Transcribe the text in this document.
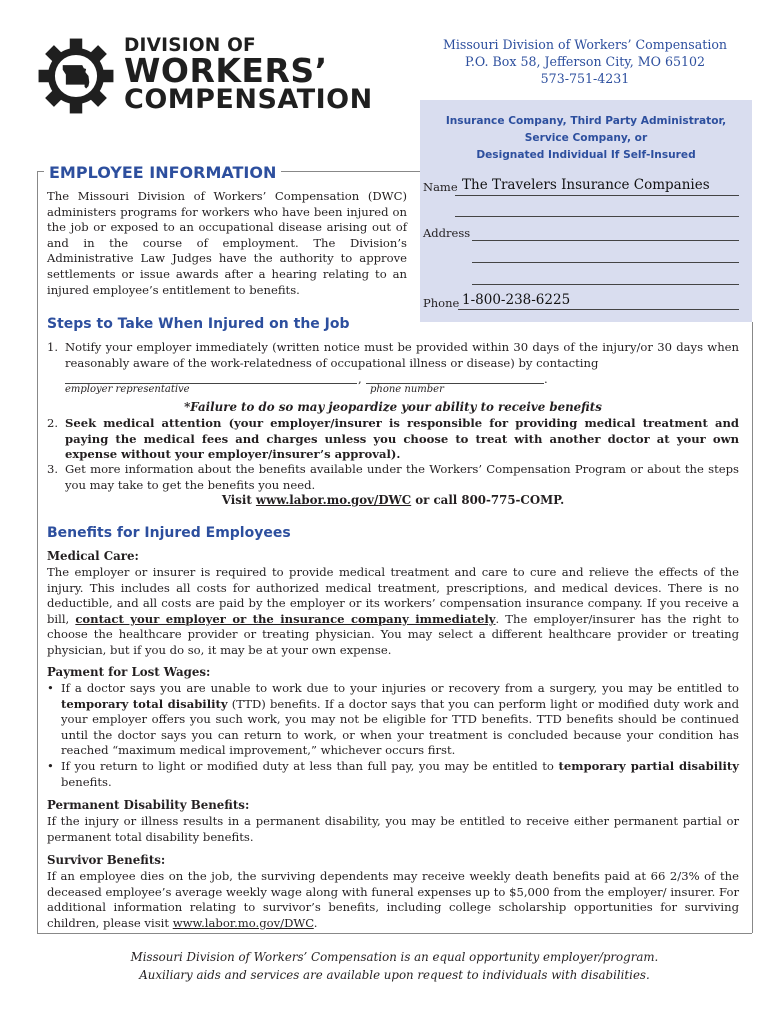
DIVISION OF
WORKERS’
COMPENSATION
Missouri Division of Workers’ Compensation
P.O. Box 58, Jefferson City, MO 65102
573-751-4231
Insurance Company, Third Party Administrator,
Service Company, or
Designated Individual If Self-Insured
Name The Travelers Insurance Companies
Address
Phone 1-800-238-6225
EMPLOYEE INFORMATION
The Missouri Division of Workers’ Compensation (DWC) administers programs for workers who have been injured on the job or exposed to an occupational disease arising out of and in the course of employment. The Division’s Administrative Law Judges have the authority to approve settlements or issue awards after a hearing relating to an injured employee’s entitlement to benefits.
Steps to Take When Injured on the Job
1. Notify your employer immediately (written notice must be provided within 30 days of the injury/or 30 days when reasonably aware of the work-relatedness of occupational illness or disease) by contacting
,	.
employer representative	phone number
*Failure to do so may jeopardize your ability to receive benefits
2. Seek medical attention (your employer/insurer is responsible for providing medical treatment and paying the medical fees and charges unless you choose to treat with another doctor at your own expense without your employer/insurer’s approval).
3. Get more information about the benefits available under the Workers’ Compensation Program or about the steps you may take to get the benefits you need.
Visit www.labor.mo.gov/DWC or call 800-775-COMP.
Benefits for Injured Employees
Medical Care:
The employer or insurer is required to provide medical treatment and care to cure and relieve the effects of the injury. This includes all costs for authorized medical treatment, prescriptions, and medical devices. There is no deductible, and all costs are paid by the employer or its workers’ compensation insurance company. If you receive a bill, contact your employer or the insurance company immediately. The employer/insurer has the right to choose the healthcare provider or treating physician. You may select a different healthcare provider or treating physician, but if you do so, it may be at your own expense.
Payment for Lost Wages:
• If a doctor says you are unable to work due to your injuries or recovery from a surgery, you may be entitled to temporary total disability (TTD) benefits. If a doctor says that you can perform light or modified duty work and your employer offers you such work, you may not be eligible for TTD benefits. TTD benefits should be continued until the doctor says you can return to work, or when your treatment is concluded because your condition has reached “maximum medical improvement,” whichever occurs first.
• If you return to light or modified duty at less than full pay, you may be entitled to temporary partial disability benefits.
Permanent Disability Benefits:
If the injury or illness results in a permanent disability, you may be entitled to receive either permanent partial or permanent total disability benefits.
Survivor Benefits:
If an employee dies on the job, the surviving dependents may receive weekly death benefits paid at 66 2/3% of the deceased employee’s average weekly wage along with funeral expenses up to $5,000 from the employer/ insurer. For additional information relating to survivor’s benefits, including college scholarship opportunities for surviving children, please visit www.labor.mo.gov/DWC.
Missouri Division of Workers’ Compensation is an equal opportunity employer/program.
Auxiliary aids and services are available upon request to individuals with disabilities.
